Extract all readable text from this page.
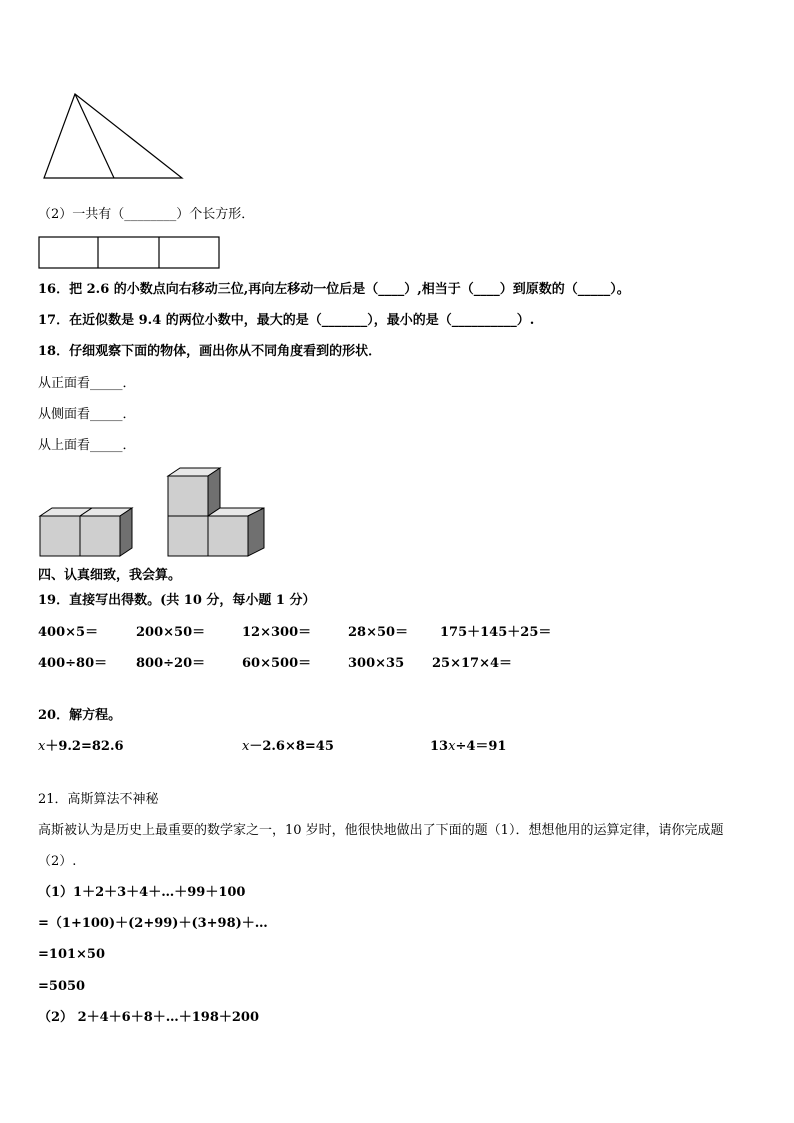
（2）一共有（________）个长方形．
16．把 2.6 的小数点向右移动三位,再向左移动一位后是（____）,相当于（____）到原数的（_____）。
17．在近似数是 9.4 的两位小数中，最大的是（_______），最小的是（__________）.
18．仔细观察下面的物体，画出你从不同角度看到的形状．
从正面看_____．
从侧面看_____．
从上面看_____．
四、认真细致，我会算。
19．直接写出得数。(共 10 分，每小题 1 分）
400×5＝	200×50＝	12×300＝	28×50＝ 175＋145＋25＝
400÷80＝ 800÷20＝	60×500＝	300×35 25×17×4＝
20．解方程。
x＋9.2=82.6	x－2.6×8=45	13x÷4＝91
21．高斯算法不神秘
高斯被认为是历史上最重要的数学家之一，10 岁时，他很快地做出了下面的题（1）．想想他用的运算定律，请你完成题（2）.
（1）1＋2＋3＋4＋…＋99＋100
=（1+100)＋(2+99)＋(3+98)＋…
=101×50
=5050
（2） 2＋4＋6＋8＋…＋198＋200
